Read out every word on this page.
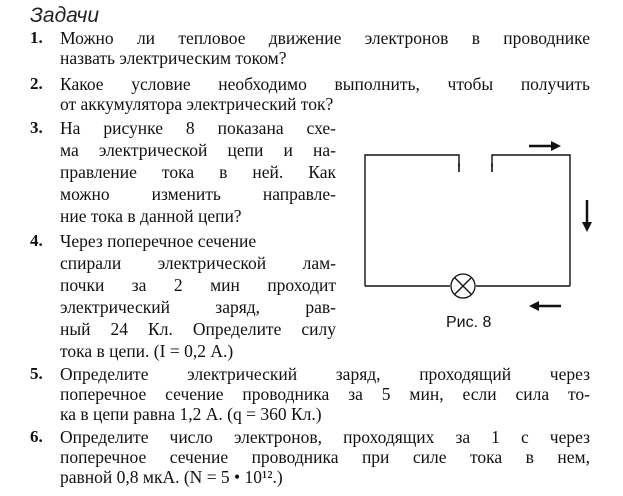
Задачи
1. Можно ли тепловое движение электронов в проводнике
назвать электрическим током?
2. Какое условие необходимо выполнить, чтобы получить
от аккумулятора электрический ток?
3. На рисунке 8 показана схе-
ма электрической цепи и на-
правление тока в ней. Как
можно изменить направле-
ние тока в данной цепи?
4. Через поперечное сечение
спирали электрической лам-
почки за 2 мин проходит
электрический заряд, рав-
ный 24 Кл. Определите силу
тока в цепи. (I = 0,2 А.)
5. Определите электрический заряд, проходящий через
поперечное сечение проводника за 5 мин, если сила то-
ка в цепи равна 1,2 А. (q = 360 Кл.)
6. Определите число электронов, проходящих за 1 с через
поперечное сечение проводника при силе тока в нем,
равной 0,8 мкА. (N = 5 • 10¹².)
Рис. 8
